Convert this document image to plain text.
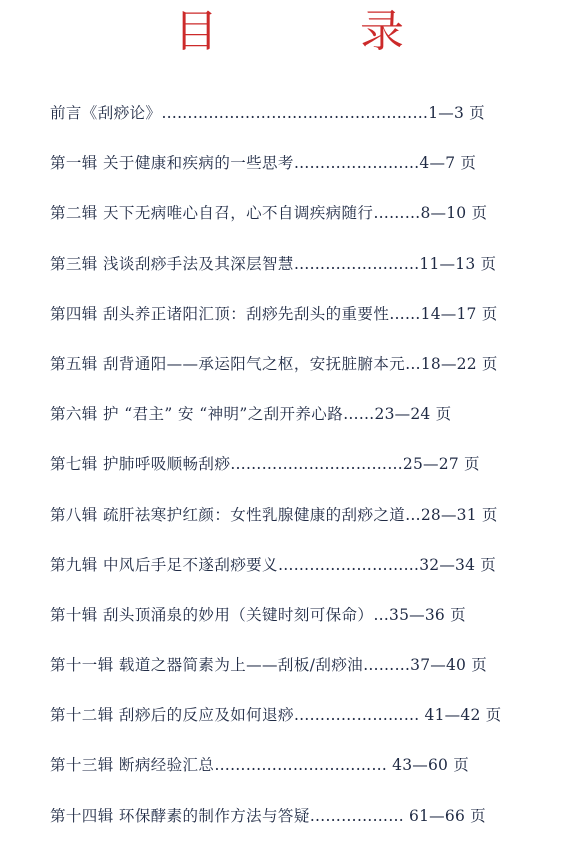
目 录
前言《刮痧论》 ……………………………………………1—3 页
第一辑 关于健康和疾病的一些思考 ……………………4—7 页
第二辑 天下无病唯心自召，心不自调疾病随行 ………8—10 页
第三辑 浅谈刮痧手法及其深层智慧 ……………………11—13 页
第四辑 刮头养正诸阳汇顶：刮痧先刮头的重要性 ……14—17 页
第五辑 刮背通阳——承运阳气之枢，安抚脏腑本元 …18—22 页
第六辑 护 “君主” 安 “神明”之刮开养心路 ……23—24 页
第七辑 护肺呼吸顺畅刮痧 ……………………………25—27 页
第八辑 疏肝祛寒护红颜：女性乳腺健康的刮痧之道 …28—31 页
第九辑 中风后手足不遂刮痧要义 ………………………32—34 页
第十辑 刮头顶涌泉的妙用（关键时刻可保命） …35—36 页
第十一辑 载道之器简素为上——刮板/刮痧油 ………37—40 页
第十二辑 刮痧后的反应及如何退痧 …………………… 41—42 页
第十三辑 断病经验汇总 …………………………… 43—60 页
第十四辑 环保酵素的制作方法与答疑 ……………… 61—66 页
